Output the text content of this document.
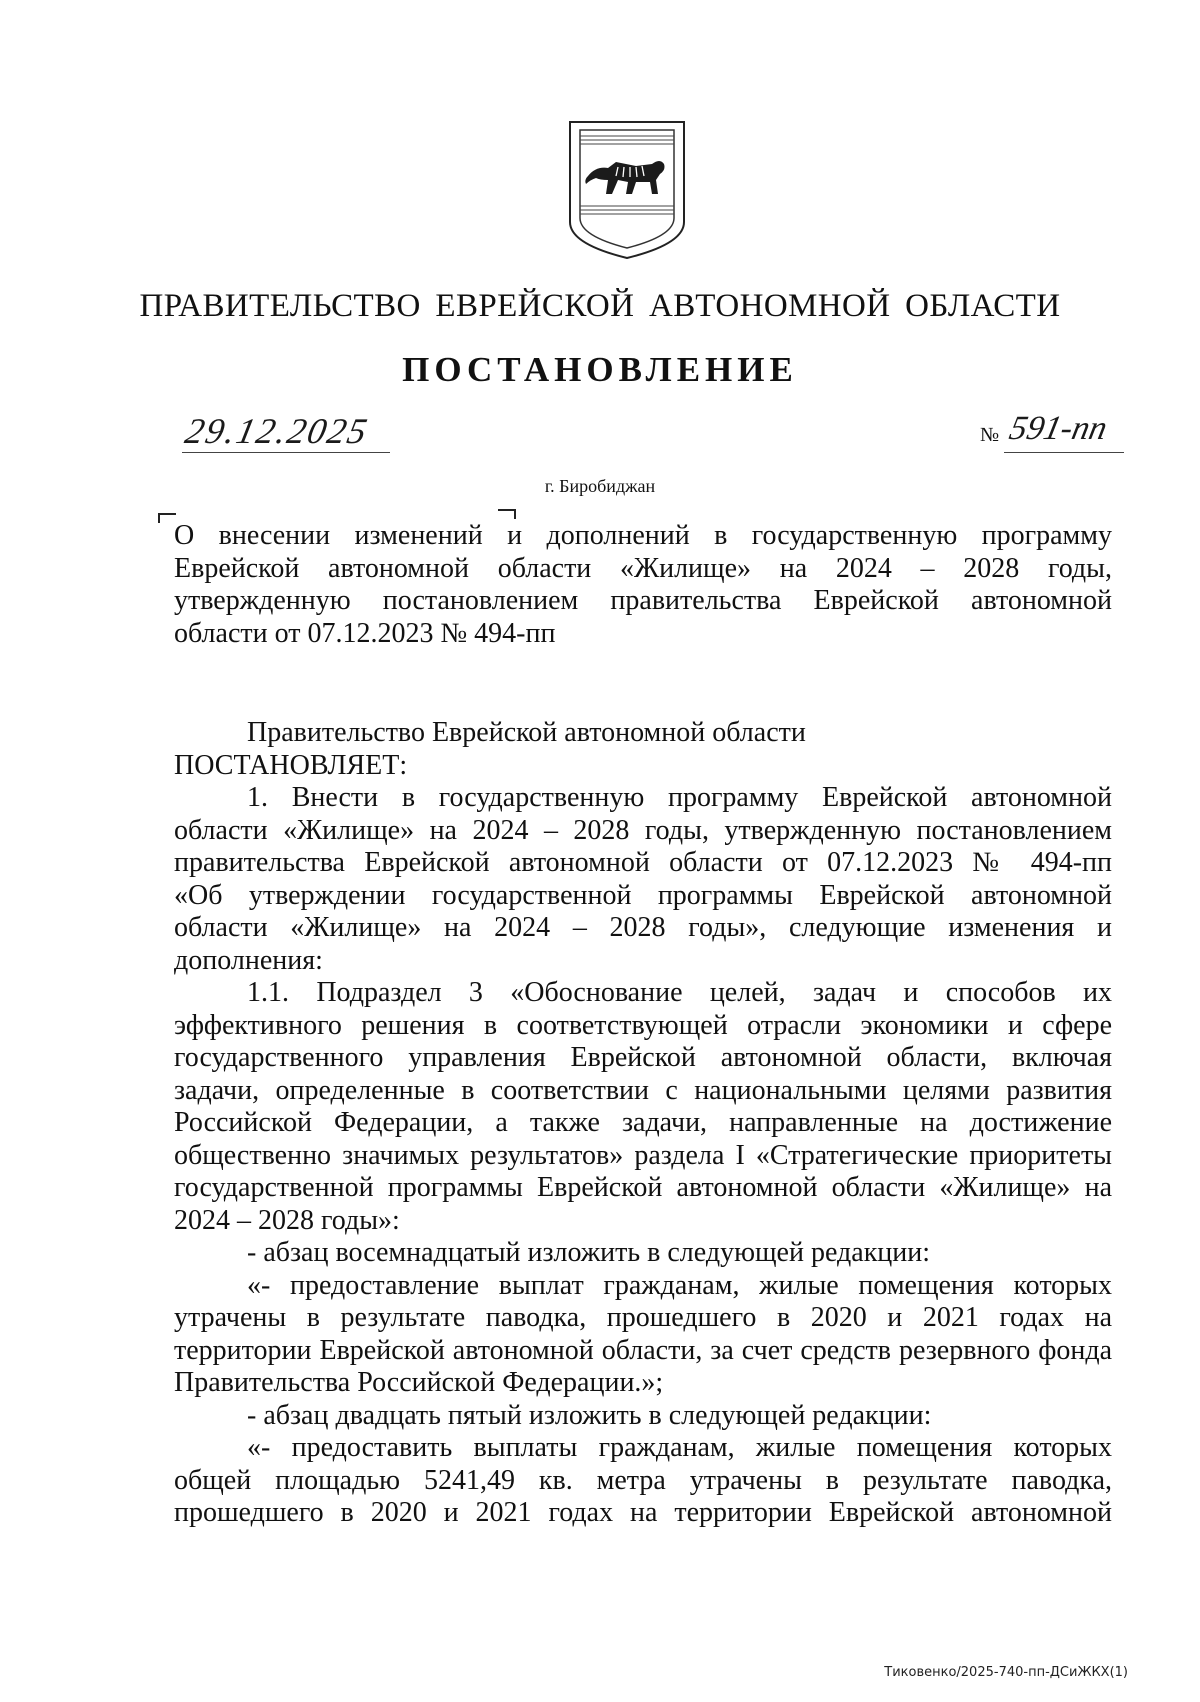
ПРАВИТЕЛЬСТВО ЕВРЕЙСКОЙ АВТОНОМНОЙ ОБЛАСТИ
ПОСТАНОВЛЕНИЕ
29.12.2025	№ 591-пп
г. Биробиджан
О внесении изменений и дополнений в государственную программу
Еврейской автономной области «Жилище» на 2024 – 2028 годы,
утвержденную постановлением правительства Еврейской автономной
области от 07.12.2023 № 494-пп
Правительство Еврейской автономной области
ПОСТАНОВЛЯЕТ:
1. Внести в государственную программу Еврейской автономной
области «Жилище» на 2024 – 2028 годы, утвержденную постановлением
правительства Еврейской автономной области от 07.12.2023 № 494-пп
«Об утверждении государственной программы Еврейской автономной
области «Жилище» на 2024 – 2028 годы», следующие изменения и
дополнения:
1.1. Подраздел 3 «Обоснование целей, задач и способов их
эффективного решения в соответствующей отрасли экономики и сфере
государственного управления Еврейской автономной области, включая
задачи, определенные в соответствии с национальными целями развития
Российской Федерации, а также задачи, направленные на достижение
общественно значимых результатов» раздела I «Стратегические приоритеты
государственной программы Еврейской автономной области «Жилище» на
2024 – 2028 годы»:
- абзац восемнадцатый изложить в следующей редакции:
«- предоставление выплат гражданам, жилые помещения которых
утрачены в результате паводка, прошедшего в 2020 и 2021 годах на
территории Еврейской автономной области, за счет средств резервного фонда
Правительства Российской Федерации.»;
- абзац двадцать пятый изложить в следующей редакции:
«- предоставить выплаты гражданам, жилые помещения которых
общей площадью 5241,49 кв. метра утрачены в результате паводка,
прошедшего в 2020 и 2021 годах на территории Еврейской автономной
Тиковенко/2025-740-пп-ДСиЖКХ(1)
